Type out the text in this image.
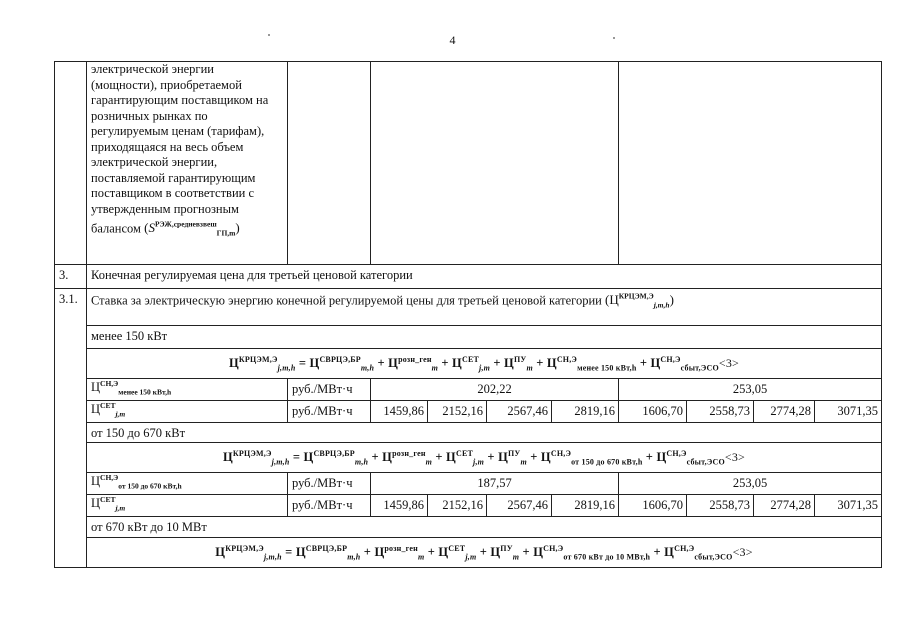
4
	электрической энергии (мощности), приобретаемой гарантирующим поставщиком на розничных рынках по регулируемым ценам (тарифам), приходящаяся на весь объем электрической энергии, поставляемой гарантирующим поставщиком в соответствии с утвержденным прогнозным балансом $(S^{РЭЖ,средневзвеш}_{ГП,m})$									
3.	Конечная регулируемая цена для третьей ценовой категории									
3.1.	Ставка за электрическую энергию конечной регулируемой цены для третьей ценовой категории $(Ц^{КРЦЭМ,Э}_{j,m,h})$									
	менее 150 кВт									
	$Ц^{КРЦЭМ,Э}_{j,m,h} = Ц^{СВРЦЭ,БР}_{m,h} + Ц^{розн\_ген}_m + Ц^{СЕТ}_{j,m} + Ц^{ПУ}_m + Ц^{СН,Э}_{менее 150 кВт,h} + Ц^{СН,Э}_{сбыт,ЭСО}<3>$									
	$Ц^{СН,Э}_{менее 150 кВт,h}$	руб./МВт·ч	202,22				253,05			
	$Ц^{СЕТ}_{j,m}$	руб./МВт·ч	1459,86	2152,16	2567,46	2819,16	1606,70	2558,73	2774,28	3071,35
	от 150 до 670 кВт									
	$Ц^{КРЦЭМ,Э}_{j,m,h} = Ц^{СВРЦЭ,БР}_{m,h} + Ц^{розн\_ген}_m + Ц^{СЕТ}_{j,m} + Ц^{ПУ}_m + Ц^{СН,Э}_{от 150 до 670 кВт,h} + Ц^{СН,Э}_{сбыт,ЭСО}<3>$									
	$Ц^{СН,Э}_{от 150 до 670 кВт,h}$	руб./МВт·ч	187,57				253,05			
	$Ц^{СЕТ}_{j,m}$	руб./МВт·ч	1459,86	2152,16	2567,46	2819,16	1606,70	2558,73	2774,28	3071,35
	от 670 кВт до 10 МВт									
	$Ц^{КРЦЭМ,Э}_{j,m,h} = Ц^{СВРЦЭ,БР}_{m,h} + Ц^{розн\_ген}_m + Ц^{СЕТ}_{j,m} + Ц^{ПУ}_m + Ц^{СН,Э}_{от 670 кВт до 10 МВт,h} + Ц^{СН,Э}_{сбыт,ЭСО}<3>$									
